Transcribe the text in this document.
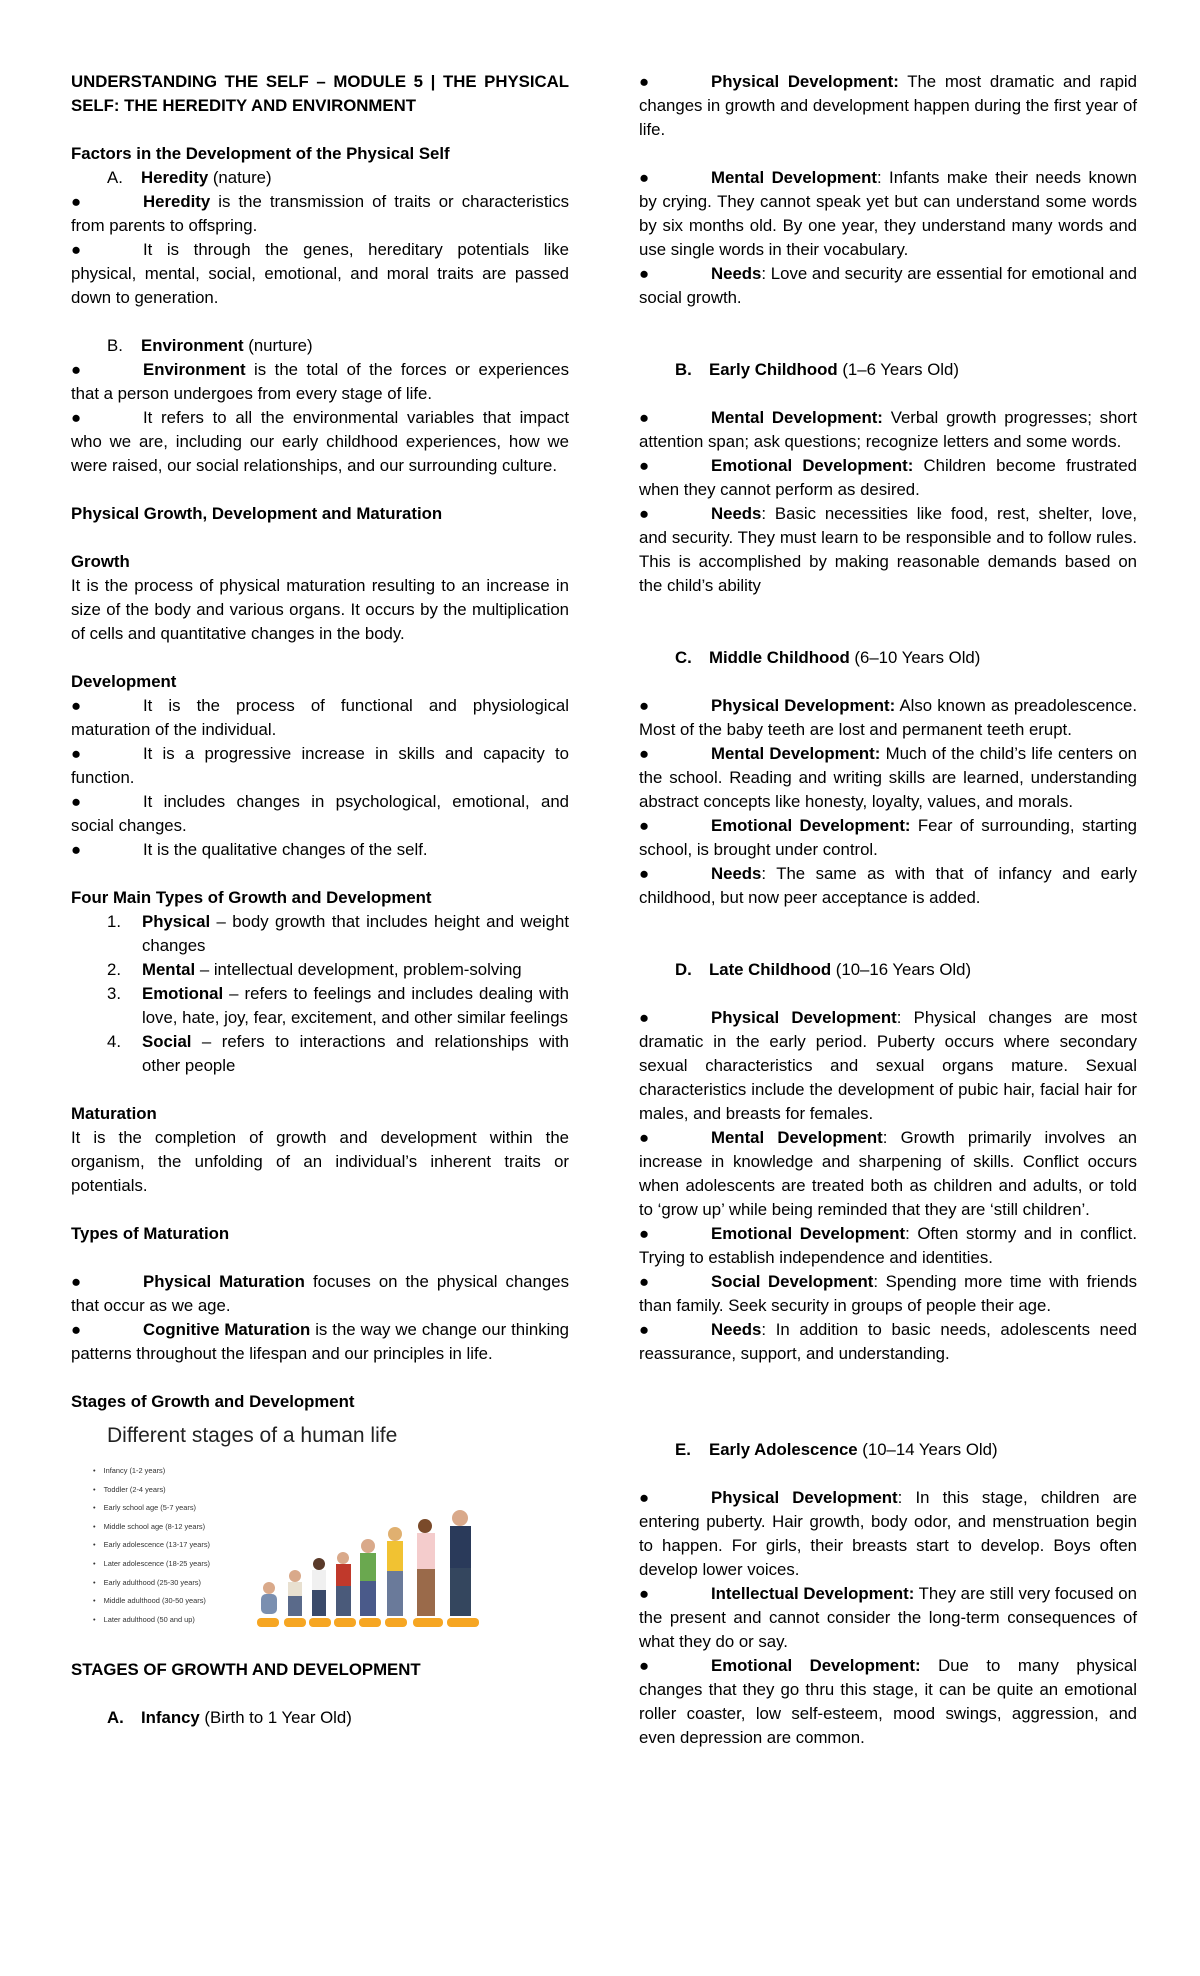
UNDERSTANDING THE SELF – MODULE 5 | THE PHYSICAL SELF: THE HEREDITY AND ENVIRONMENT

Factors in the Development of the Physical Self

A. Heredity (nature)

●	Heredity is the transmission of traits or characteristics from parents to offspring.

●	It is through the genes, hereditary potentials like physical, mental, social, emotional, and moral traits are passed down to generation.

B. Environment (nurture)

●	Environment is the total of the forces or experiences that a person undergoes from every stage of life.

●	It refers to all the environmental variables that impact who we are, including our early childhood experiences, how we were raised, our social relationships, and our surrounding culture.

Physical Growth, Development and Maturation

Growth

It is the process of physical maturation resulting to an increase in size of the body and various organs. It occurs by the multiplication of cells and quantitative changes in the body.

Development

●	It is the process of functional and physiological maturation of the individual.

●	It is a progressive increase in skills and capacity to function.

●	It includes changes in psychological, emotional, and social changes.

●	It is the qualitative changes of the self.

Four Main Types of Growth and Development

1. Physical – body growth that includes height and weight changes
2. Mental – intellectual development, problem-solving
3. Emotional – refers to feelings and includes dealing with love, hate, joy, fear, excitement, and other similar feelings
4. Social – refers to interactions and relationships with other people

Maturation

It is the completion of growth and development within the organism, the unfolding of an individual’s inherent traits or potentials.

Types of Maturation

●	Physical Maturation focuses on the physical changes that occur as we age.

●	Cognitive Maturation is the way we change our thinking patterns throughout the lifespan and our principles in life.

Stages of Growth and Development

Different stages of a human life
• Infancy (1-2 years)
• Toddler (2-4 years)
• Early school age (5-7 years)
• Middle school age (8-12 years)
• Early adolescence (13-17 years)
• Later adolescence (18-25 years)
• Early adulthood (25-30 years)
• Middle adulthood (30-50 years)
• Later adulthood (50 and up)

STAGES OF GROWTH AND DEVELOPMENT

A. Infancy (Birth to 1 Year Old)

●	Physical Development: The most dramatic and rapid changes in growth and development happen during the first year of life.

●	Mental Development: Infants make their needs known by crying. They cannot speak yet but can understand some words by six months old. By one year, they understand many words and use single words in their vocabulary.

●	Needs: Love and security are essential for emotional and social growth.

B. Early Childhood (1–6 Years Old)

●	Mental Development: Verbal growth progresses; short attention span; ask questions; recognize letters and some words.

●	Emotional Development: Children become frustrated when they cannot perform as desired.

●	Needs: Basic necessities like food, rest, shelter, love, and security. They must learn to be responsible and to follow rules. This is accomplished by making reasonable demands based on the child’s ability

C. Middle Childhood (6–10 Years Old)

●	Physical Development: Also known as preadolescence. Most of the baby teeth are lost and permanent teeth erupt.

●	Mental Development: Much of the child’s life centers on the school. Reading and writing skills are learned, understanding abstract concepts like honesty, loyalty, values, and morals.

●	Emotional Development: Fear of surrounding, starting school, is brought under control.

●	Needs: The same as with that of infancy and early childhood, but now peer acceptance is added.

D. Late Childhood (10–16 Years Old)

●	Physical Development: Physical changes are most dramatic in the early period. Puberty occurs where secondary sexual characteristics and sexual organs mature. Sexual characteristics include the development of pubic hair, facial hair for males, and breasts for females.

●	Mental Development: Growth primarily involves an increase in knowledge and sharpening of skills. Conflict occurs when adolescents are treated both as children and adults, or told to ‘grow up’ while being reminded that they are ‘still children’.

●	Emotional Development: Often stormy and in conflict. Trying to establish independence and identities.

●	Social Development: Spending more time with friends than family. Seek security in groups of people their age.

●	Needs: In addition to basic needs, adolescents need reassurance, support, and understanding.

E. Early Adolescence (10–14 Years Old)

●	Physical Development: In this stage, children are entering puberty. Hair growth, body odor, and menstruation begin to happen. For girls, their breasts start to develop. Boys often develop lower voices.

●	Intellectual Development: They are still very focused on the present and cannot consider the long-term consequences of what they do or say.

●	Emotional Development: Due to many physical changes that they go thru this stage, it can be quite an emotional roller coaster, low self-esteem, mood swings, aggression, and even depression are common.
